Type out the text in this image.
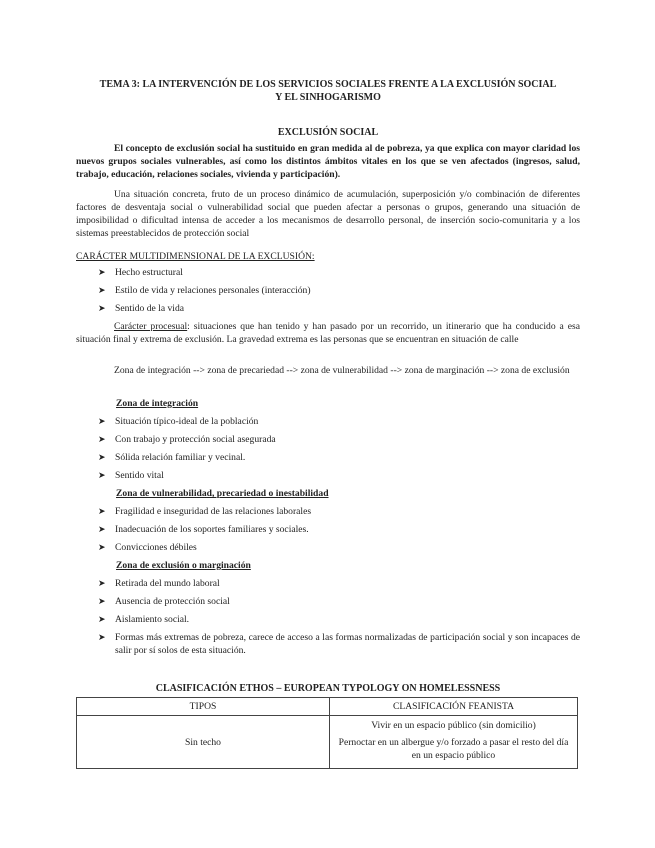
TEMA 3: LA INTERVENCIÓN DE LOS SERVICIOS SOCIALES FRENTE A LA EXCLUSIÓN SOCIAL
Y EL SINHOGARISMO
EXCLUSIÓN SOCIAL
El concepto de exclusión social ha sustituido en gran medida al de pobreza, ya que explica con mayor claridad los nuevos grupos sociales vulnerables, así como los distintos ámbitos vitales en los que se ven afectados (ingresos, salud, trabajo, educación, relaciones sociales, vivienda y participación).
Una situación concreta, fruto de un proceso dinámico de acumulación, superposición y/o combinación de diferentes factores de desventaja social o vulnerabilidad social que pueden afectar a personas o grupos, generando una situación de imposibilidad o dificultad intensa de acceder a los mecanismos de desarrollo personal, de inserción socio-comunitaria y a los sistemas preestablecidos de protección social
CARÁCTER MULTIDIMENSIONAL DE LA EXCLUSIÓN:
➤ Hecho estructural
➤ Estilo de vida y relaciones personales (interacción)
➤ Sentido de la vida
Carácter procesual: situaciones que han tenido y han pasado por un recorrido, un itinerario que ha conducido a esa situación final y extrema de exclusión. La gravedad extrema es las personas que se encuentran en situación de calle
Zona de integración --> zona de precariedad --> zona de vulnerabilidad --> zona de marginación --> zona de exclusión
Zona de integración
➤ Situación típico-ideal de la población
➤ Con trabajo y protección social asegurada
➤ Sólida relación familiar y vecinal.
➤ Sentido vital
Zona de vulnerabilidad, precariedad o inestabilidad
➤ Fragilidad e inseguridad de las relaciones laborales
➤ Inadecuación de los soportes familiares y sociales.
➤ Convicciones débiles
Zona de exclusión o marginación
➤ Retirada del mundo laboral
➤ Ausencia de protección social
➤ Aislamiento social.
➤ Formas más extremas de pobreza, carece de acceso a las formas normalizadas de participación social y son incapaces de salir por sí solos de esta situación.
CLASIFICACIÓN ETHOS – EUROPEAN TYPOLOGY ON HOMELESSNESS
TIPOS	CLASIFICACIÓN FEANISTA
Sin techo	Vivir en un espacio público (sin domicilio)
Pernoctar en un albergue y/o forzado a pasar el resto del día en un espacio público
